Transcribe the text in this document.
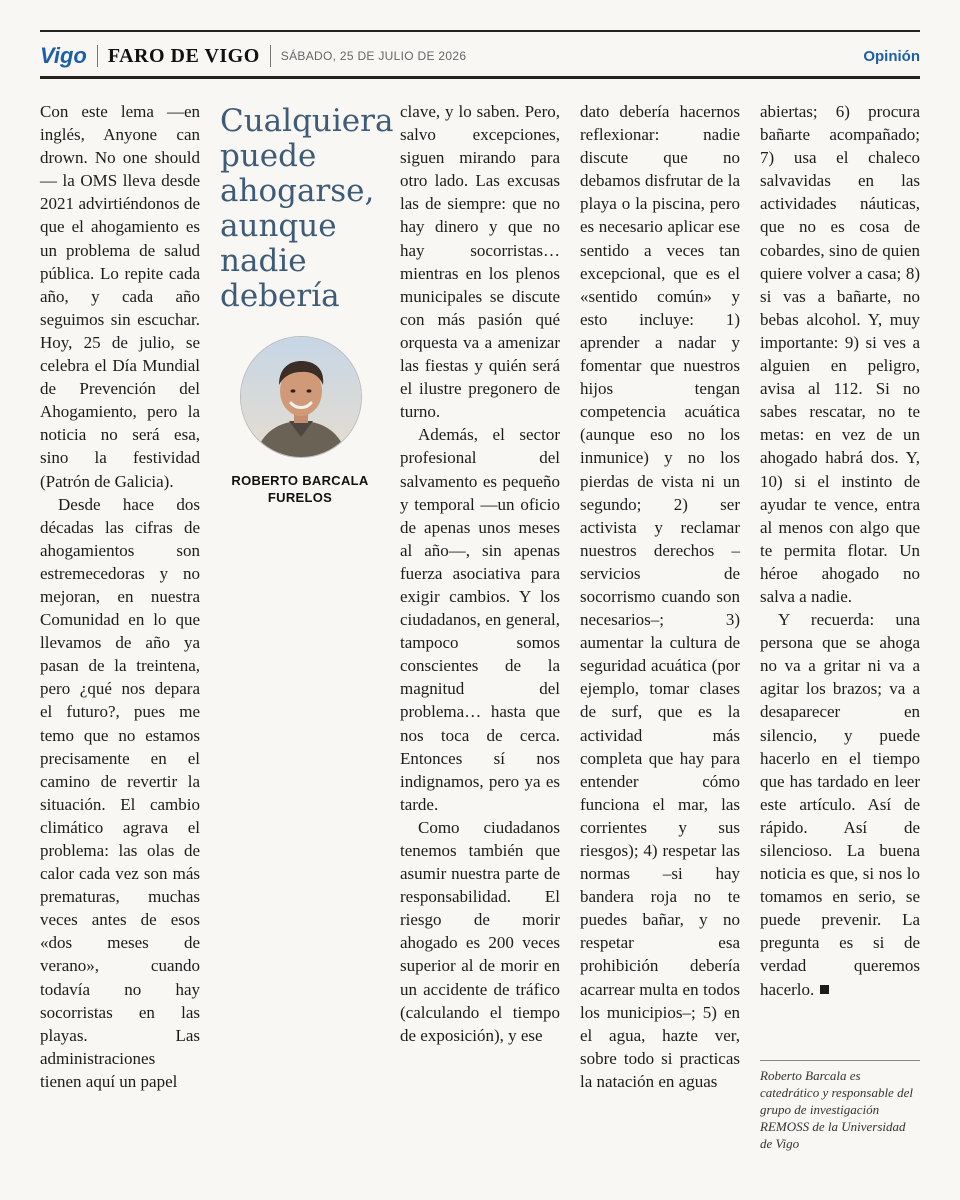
Vigo FARO DE VIGO SÁBADO, 25 DE JULIO DE 2026	Opinión

Con este lema —en inglés, Anyone can drown. No one should— la OMS lleva desde 2021 advirtiéndonos de que el ahogamiento es un problema de salud pública. Lo repite cada año, y cada año seguimos sin escuchar. Hoy, 25 de julio, se celebra el Día Mundial de Prevención del Ahogamiento, pero la noticia no será esa, sino la festividad (Patrón de Galicia).

Desde hace dos décadas las cifras de ahogamientos son estremecedoras y no mejoran, en nuestra Comunidad en lo que llevamos de año ya pasan de la treintena, pero ¿qué nos depara el futuro?, pues me temo que no estamos precisamente en el camino de revertir la situación. El cambio climático agrava el problema: las olas de calor cada vez son más prematuras, muchas veces antes de esos «dos meses de verano», cuando todavía no hay socorristas en las playas. Las administraciones tienen aquí un papel

Cualquiera puede ahogarse, aunque nadie debería
ROBERTO BARCALA FURELOS

clave, y lo saben. Pero, salvo excepciones, siguen mirando para otro lado. Las excusas las de siempre: que no hay dinero y que no hay socorristas… mientras en los plenos municipales se discute con más pasión qué orquesta va a amenizar las fiestas y quién será el ilustre pregonero de turno.

Además, el sector profesional del salvamento es pequeño y temporal —un oficio de apenas unos meses al año—, sin apenas fuerza asociativa para exigir cambios. Y los ciudadanos, en general, tampoco somos conscientes de la magnitud del problema… hasta que nos toca de cerca. Entonces sí nos indignamos, pero ya es tarde.

Como ciudadanos tenemos también que asumir nuestra parte de responsabilidad. El riesgo de morir ahogado es 200 veces superior al de morir en un accidente de tráfico (calculando el tiempo de exposición), y ese

dato debería hacernos reflexionar: nadie discute que no debamos disfrutar de la playa o la piscina, pero es necesario aplicar ese sentido a veces tan excepcional, que es el «sentido común» y esto incluye: 1) aprender a nadar y fomentar que nuestros hijos tengan competencia acuática (aunque eso no los inmunice) y no los pierdas de vista ni un segundo; 2) ser activista y reclamar nuestros derechos –servicios de socorrismo cuando son necesarios–; 3) aumentar la cultura de seguridad acuática (por ejemplo, tomar clases de surf, que es la actividad más completa que hay para entender cómo funciona el mar, las corrientes y sus riesgos); 4) respetar las normas –si hay bandera roja no te puedes bañar, y no respetar esa prohibición debería acarrear multa en todos los municipios–; 5) en el agua, hazte ver, sobre todo si practicas la natación en aguas

abiertas; 6) procura bañarte acompañado; 7) usa el chaleco salvavidas en las actividades náuticas, que no es cosa de cobardes, sino de quien quiere volver a casa; 8) si vas a bañarte, no bebas alcohol. Y, muy importante: 9) si ves a alguien en peligro, avisa al 112. Si no sabes rescatar, no te metas: en vez de un ahogado habrá dos. Y, 10) si el instinto de ayudar te vence, entra al menos con algo que te permita flotar. Un héroe ahogado no salva a nadie.

Y recuerda: una persona que se ahoga no va a gritar ni va a agitar los brazos; va a desaparecer en silencio, y puede hacerlo en el tiempo que has tardado en leer este artículo. Así de rápido. Así de silencioso. La buena noticia es que, si nos lo tomamos en serio, se puede prevenir. La pregunta es si de verdad queremos hacerlo.

Roberto Barcala es catedrático y responsable del grupo de investigación REMOSS de la Universidad de Vigo
